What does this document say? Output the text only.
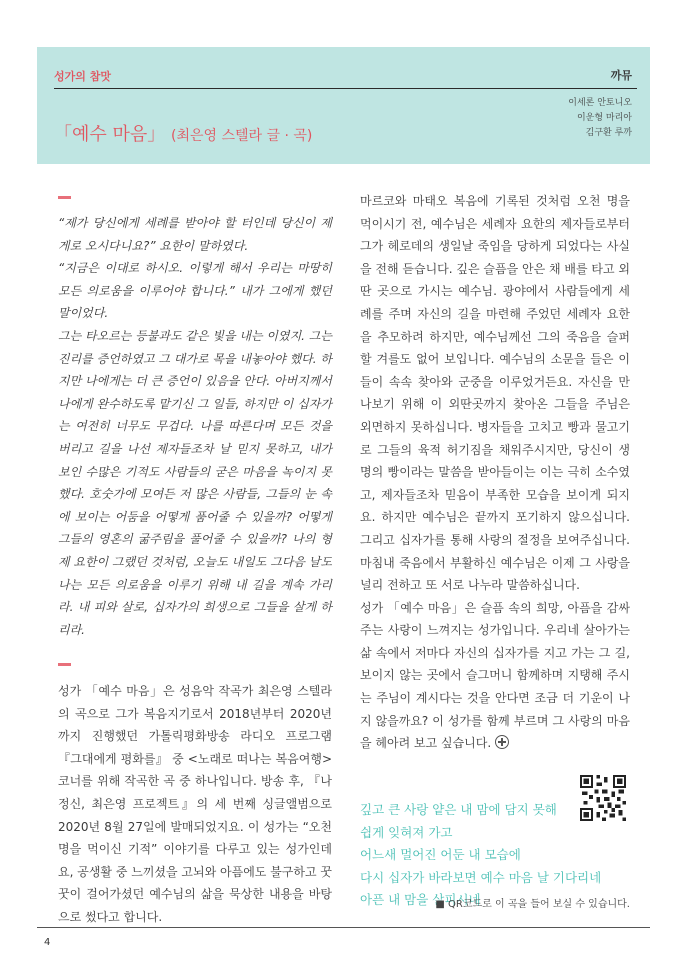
성가의 참맛	까뮤
「예수 마음」 (최은영 스텔라 글 · 곡)
이세론 안토니오
이운형 마리아
김구환 루까

“제가 당신에게 세례를 받아야 할 터인데 당신이 제게로 오시다니요?” 요한이 말하였다.

“지금은 이대로 하시오. 이렇게 해서 우리는 마땅히 모든 의로움을 이루어야 합니다.” 내가 그에게 했던 말이었다.

그는 타오르는 등불과도 같은 빛을 내는 이였지. 그는 진리를 증언하였고 그 대가로 목을 내놓아야 했다. 하지만 나에게는 더 큰 증언이 있음을 안다. 아버지께서 나에게 완수하도록 맡기신 그 일들, 하지만 이 십자가는 여전히 너무도 무겁다. 나를 따른다며 모든 것을 버리고 길을 나선 제자들조차 날 믿지 못하고, 내가 보인 수많은 기적도 사람들의 굳은 마음을 녹이지 못했다. 호숫가에 모여든 저 많은 사람들, 그들의 눈 속에 보이는 어둠을 어떻게 품어줄 수 있을까? 어떻게 그들의 영혼의 굶주림을 풀어줄 수 있을까? 나의 형제 요한이 그랬던 것처럼, 오늘도 내일도 그다음 날도 나는 모든 의로움을 이루기 위해 내 길을 계속 가리라. 내 피와 살로, 십자가의 희생으로 그들을 살게 하리라.

성가 「예수 마음」은 성음악 작곡가 최은영 스텔라의 곡으로 그가 복음지기로서 2018년부터 2020년까지 진행했던 가톨릭평화방송 라디오 프로그램 『그대에게 평화를』 중 <노래로 떠나는 복음여행> 코너를 위해 작곡한 곡 중 하나입니다. 방송 후, 『나정신, 최은영 프로젝트』의 세 번째 싱글앨범으로 2020년 8월 27일에 발매되었지요. 이 성가는 “오천 명을 먹이신 기적” 이야기를 다루고 있는 성가인데요, 공생활 중 느끼셨을 고뇌와 아픔에도 불구하고 꿋꿋이 걸어가셨던 예수님의 삶을 묵상한 내용을 바탕으로 썼다고 합니다.

마르코와 마태오 복음에 기록된 것처럼 오천 명을 먹이시기 전, 예수님은 세례자 요한의 제자들로부터 그가 헤로데의 생일날 죽임을 당하게 되었다는 사실을 전해 듣습니다. 깊은 슬픔을 안은 채 배를 타고 외딴 곳으로 가시는 예수님. 광야에서 사람들에게 세례를 주며 자신의 길을 마련해 주었던 세례자 요한을 추모하려 하지만, 예수님께선 그의 죽음을 슬퍼할 겨를도 없어 보입니다. 예수님의 소문을 들은 이들이 속속 찾아와 군중을 이루었거든요. 자신을 만나보기 위해 이 외딴곳까지 찾아온 그들을 주님은 외면하지 못하십니다. 병자들을 고치고 빵과 물고기로 그들의 육적 허기짐을 채워주시지만, 당신이 생명의 빵이라는 말씀을 받아들이는 이는 극히 소수였고, 제자들조차 믿음이 부족한 모습을 보이게 되지요. 하지만 예수님은 끝까지 포기하지 않으십니다. 그리고 십자가를 통해 사랑의 절정을 보여주십니다. 마침내 죽음에서 부활하신 예수님은 이제 그 사랑을 널리 전하고 또 서로 나누라 말씀하십니다.

성가 「예수 마음」은 슬픔 속의 희망, 아픔을 감싸주는 사랑이 느껴지는 성가입니다. 우리네 살아가는 삶 속에서 저마다 자신의 십자가를 지고 가는 그 길, 보이지 않는 곳에서 슬그머니 함께하며 지탱해 주시는 주님이 계시다는 것을 안다면 조금 더 기운이 나지 않을까요? 이 성가를 함께 부르며 그 사랑의 마음을 헤아려 보고 싶습니다.

깊고 큰 사랑 얕은 내 맘에 담지 못해
쉽게 잊혀져 가고
어느새 멀어진 어둔 내 모습에
다시 십자가 바라보면 예수 마음 날 기다리네
아픈 내 맘을 살피시네
■ QR코드로 이 곡을 들어 보실 수 있습니다.
4
